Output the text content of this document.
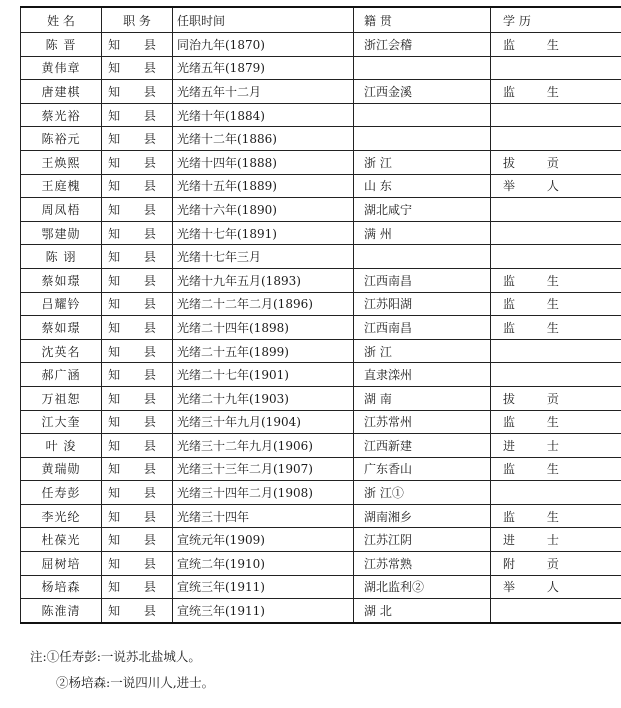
姓 名	职 务	任职时间	籍 贯	学 历
陈 晋	知 县	同治九年(1870)	浙江会稽	监 生
黄伟章	知 县	光绪五年(1879)		
唐建棋	知 县	光绪五年十二月	江西金溪	监 生
蔡光裕	知 县	光绪十年(1884)		
陈裕元	知 县	光绪十二年(1886)		
王焕熙	知 县	光绪十四年(1888)	浙 江	拔 贡
王庭槐	知 县	光绪十五年(1889)	山 东	举 人
周凤梧	知 县	光绪十六年(1890)	湖北咸宁	
鄂建勋	知 县	光绪十七年(1891)	满 州	
陈 诩	知 县	光绪十七年三月		
蔡如璟	知 县	光绪十九年五月(1893)	江西南昌	监 生
吕耀钤	知 县	光绪二十二年二月(1896)	江苏阳湖	监 生
蔡如璟	知 县	光绪二十四年(1898)	江西南昌	监 生
沈英名	知 县	光绪二十五年(1899)	浙 江	
郝广涵	知 县	光绪二十七年(1901)	直隶滦州	
万祖恕	知 县	光绪二十九年(1903)	湖 南	拔 贡
江大奎	知 县	光绪三十年九月(1904)	江苏常州	监 生
叶 浚	知 县	光绪三十二年九月(1906)	江西新建	进 士
黄瑞勋	知 县	光绪三十三年二月(1907)	广东香山	监 生
任寿彭	知 县	光绪三十四年二月(1908)	浙 江①	
李光纶	知 县	光绪三十四年	湖南湘乡	监 生
杜葆光	知 县	宣统元年(1909)	江苏江阴	进 士
屈树培	知 县	宣统二年(1910)	江苏常熟	附 贡
杨培森	知 县	宣统三年(1911)	湖北监利②	举 人
陈淮清	知 县	宣统三年(1911)	湖 北	
注:①任寿彭:一说苏北盐城人。
②杨培森:一说四川人,进士。
